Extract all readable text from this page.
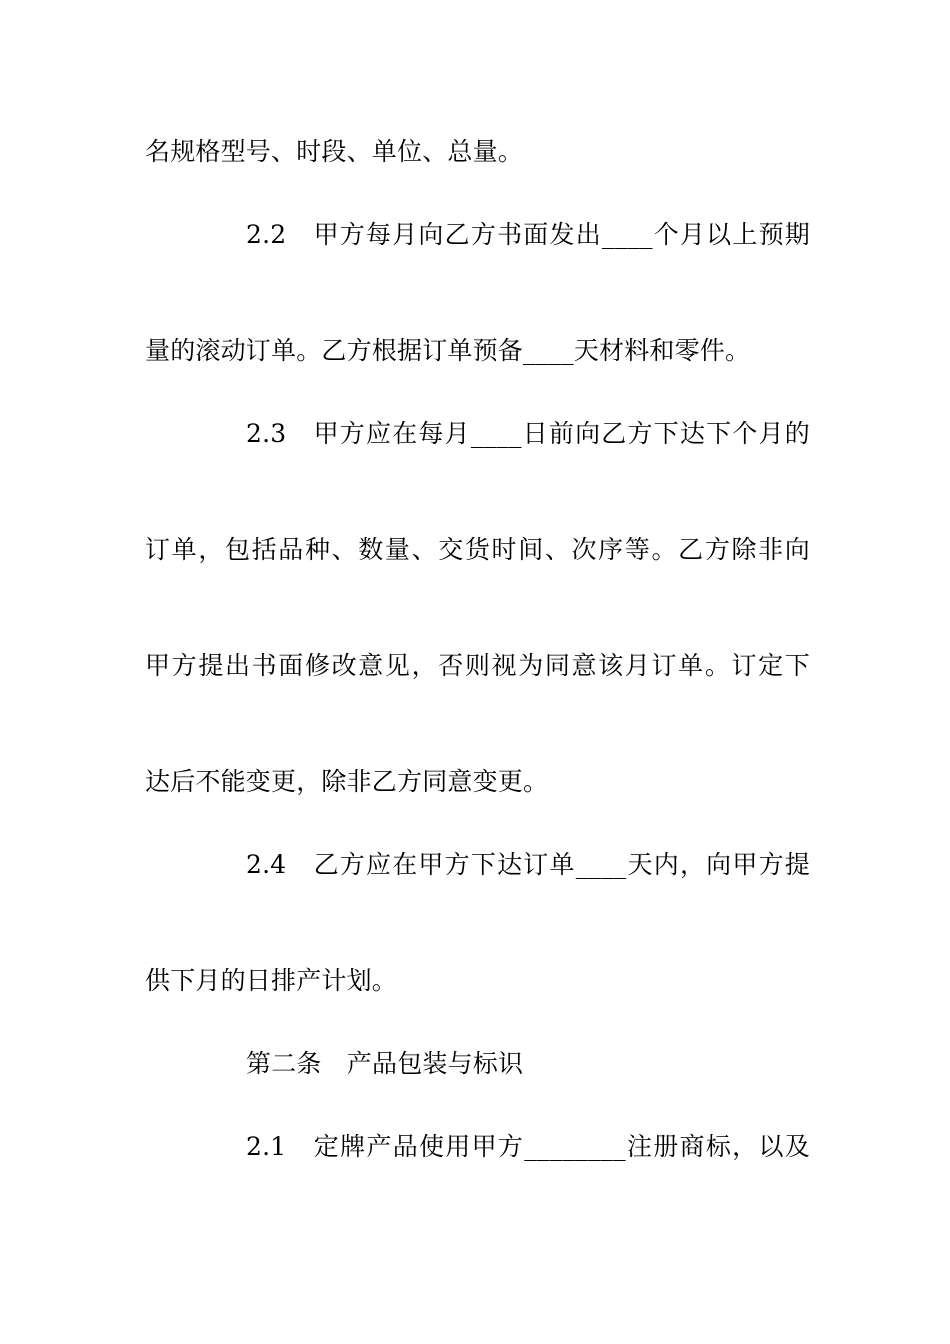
名规格型号、时段、单位、总量。
2.2　甲方每月向乙方书面发出____个月以上预期
量的滚动订单。乙方根据订单预备____天材料和零件。
2.3　甲方应在每月____日前向乙方下达下个月的
订单，包括品种、数量、交货时间、次序等。乙方除非向
甲方提出书面修改意见，否则视为同意该月订单。订定下
达后不能变更，除非乙方同意变更。
2.4　乙方应在甲方下达订单____天内，向甲方提
供下月的日排产计划。
第二条　产品包装与标识
2.1　定牌产品使用甲方________注册商标，以及
